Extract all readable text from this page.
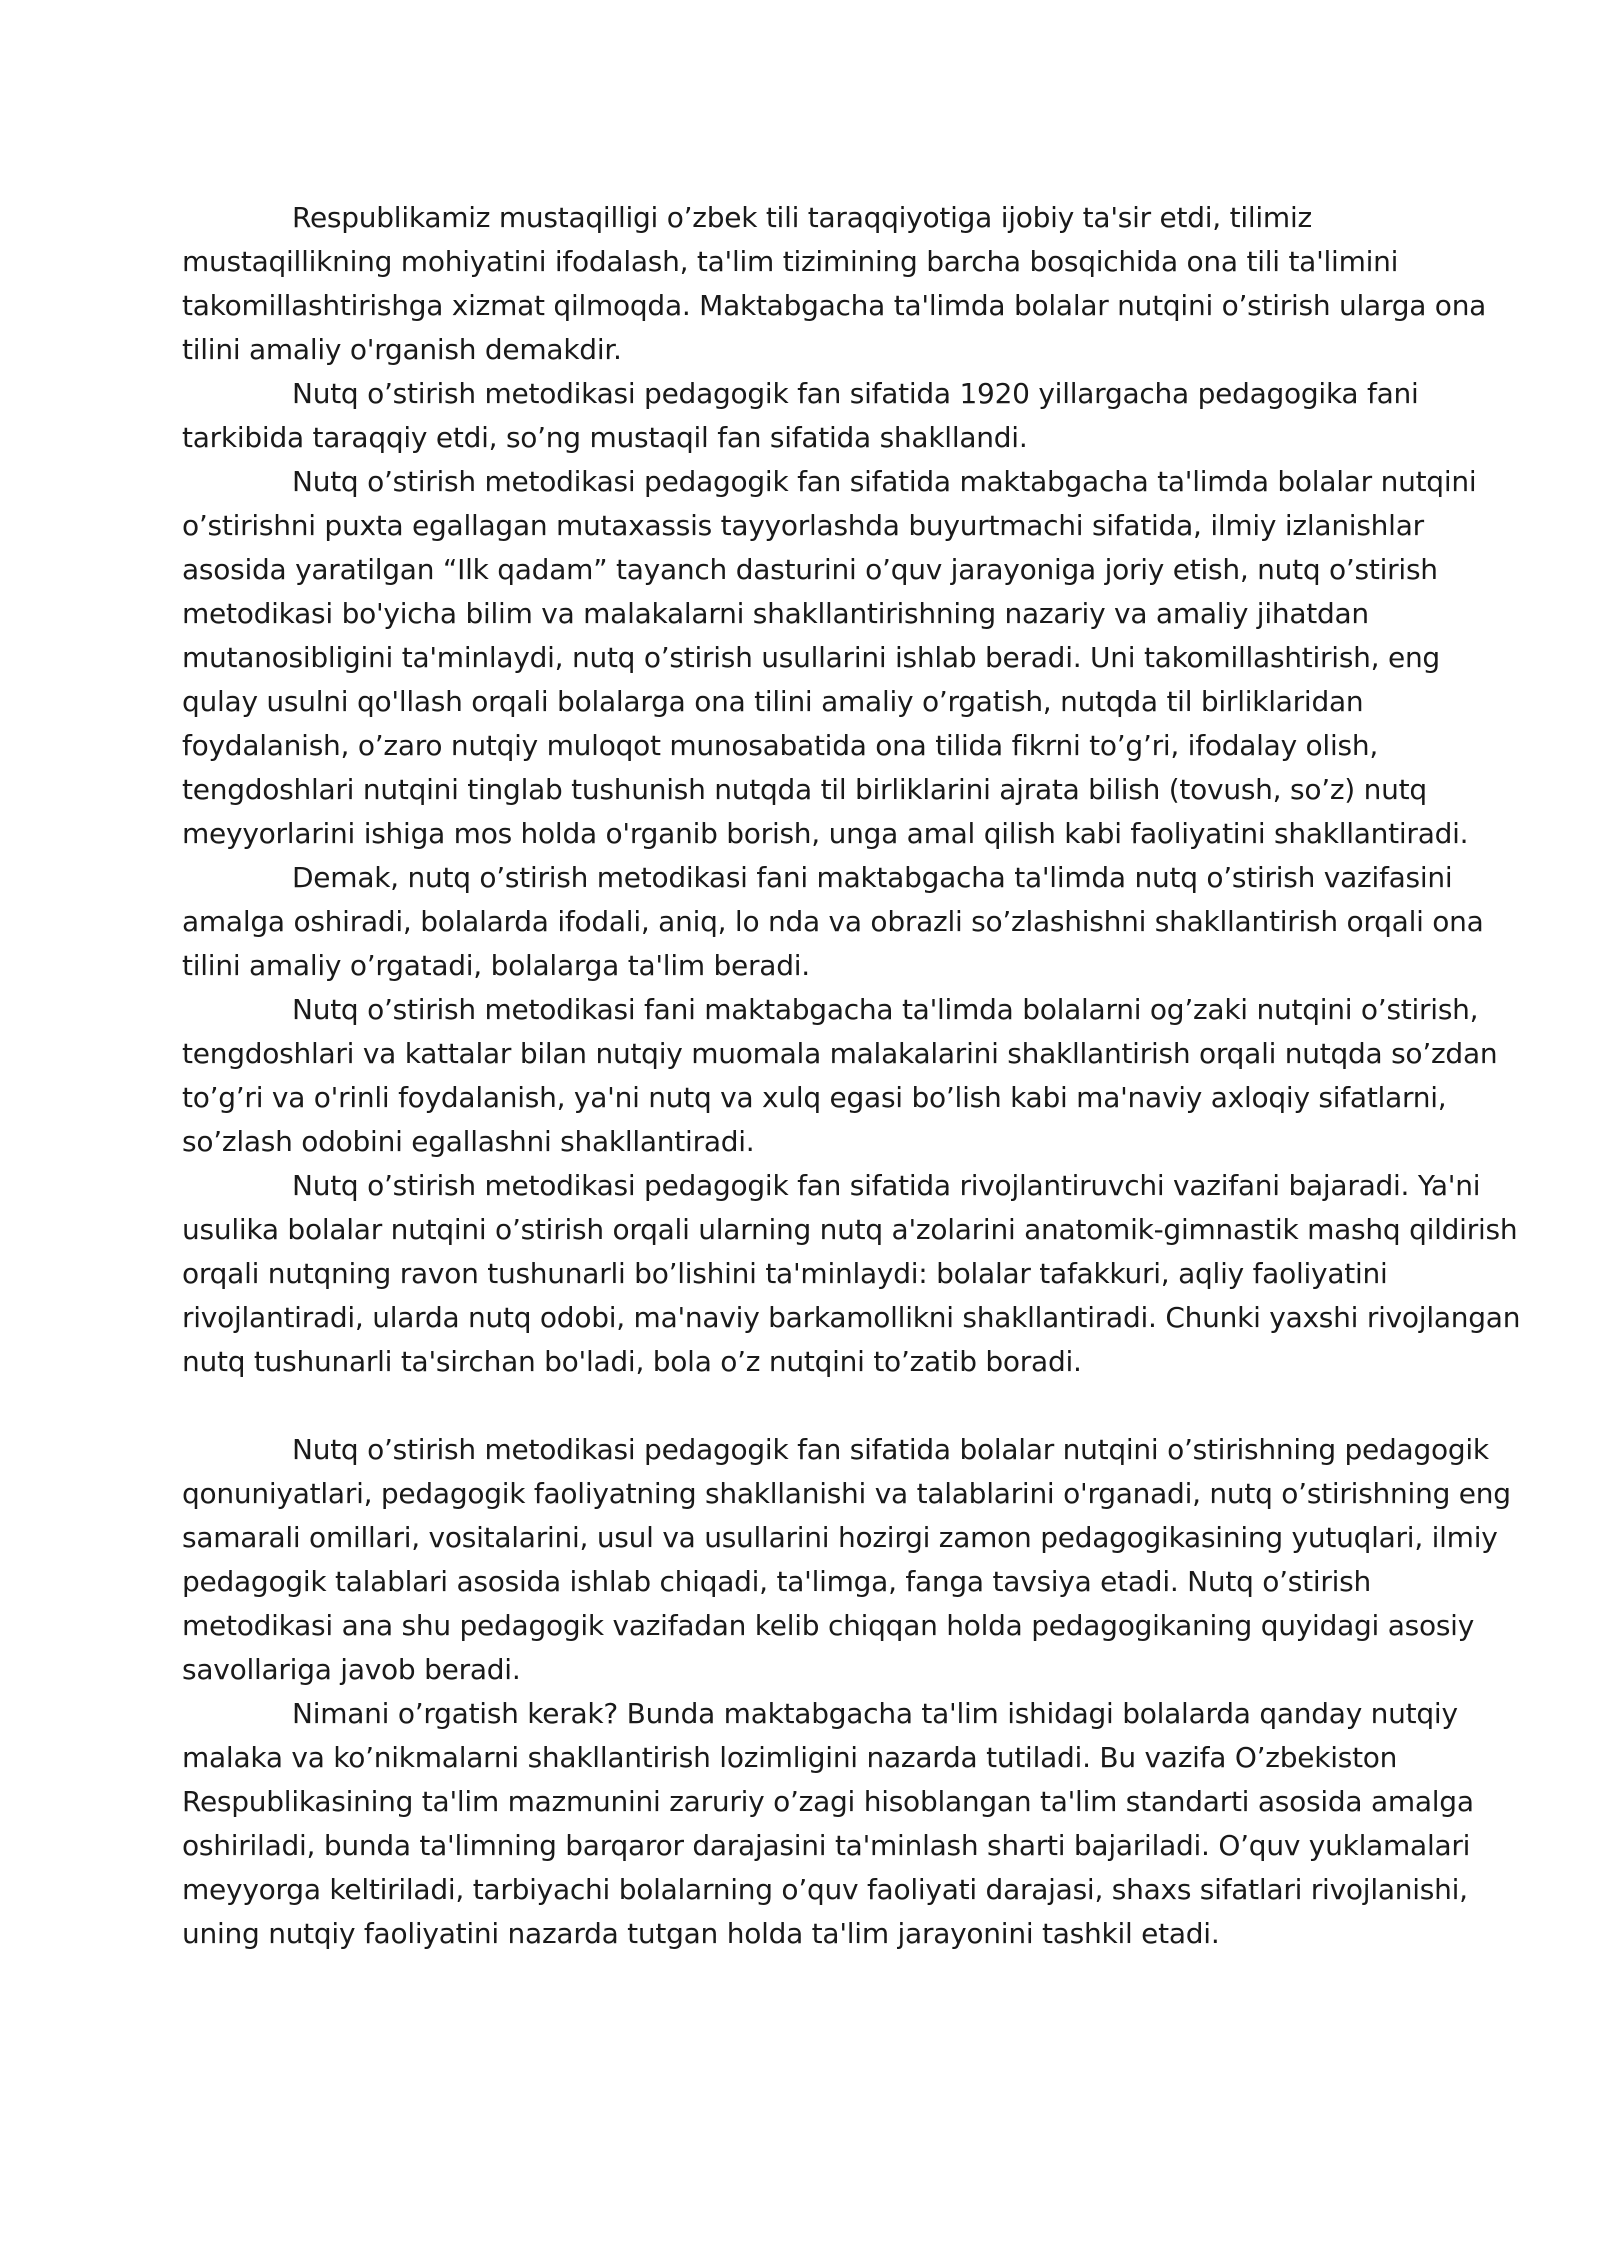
Respublikamiz mustaqilligi o’zbek tili taraqqiyotiga ijobiy ta'sir etdi, tilimiz mustaqillikning mohiyatini ifodalash, ta'lim tizimining barcha bosqichida ona tili ta'limini takomillashtirishga xizmat qilmoqda. Maktabgacha ta'limda bolalar nutqini o’stirish ularga ona tilini amaliy o'rganish demakdir.

Nutq o’stirish metodikasi pedagogik fan sifatida 1920 yillargacha pedagogika fani tarkibida taraqqiy etdi, so’ng mustaqil fan sifatida shakllandi.

Nutq o’stirish metodikasi pedagogik fan sifatida maktabgacha ta'limda bolalar nutqini o’stirishni puxta egallagan mutaxassis tayyorlashda buyurtmachi sifatida, ilmiy izlanishlar asosida yaratilgan “Ilk qadam” tayanch dasturini o’quv jarayoniga joriy etish, nutq o’stirish metodikasi bo'yicha bilim va malakalarni shakllantirishning nazariy va amaliy jihatdan mutanosibligini ta'minlaydi, nutq o’stirish usullarini ishlab beradi. Uni takomillashtirish, eng qulay usulni qo'llash orqali bolalarga ona tilini amaliy o’rgatish, nutqda til birliklaridan foydalanish, o’zaro nutqiy muloqot munosabatida ona tilida fikrni to’g’ri, ifodalay olish, tengdoshlari nutqini tinglab tushunish nutqda til birliklarini ajrata bilish (tovush, so’z) nutq meyyorlarini ishiga mos holda o'rganib borish, unga amal qilish kabi faoliyatini shakllantiradi.

Demak, nutq o’stirish metodikasi fani maktabgacha ta'limda nutq o’stirish vazifasini amalga oshiradi, bolalarda ifodali, aniq, lo nda va obrazli so’zlashishni shakllantirish orqali ona tilini amaliy o’rgatadi, bolalarga ta'lim beradi.

Nutq o’stirish metodikasi fani maktabgacha ta'limda bolalarni og’zaki nutqini o’stirish, tengdoshlari va kattalar bilan nutqiy muomala malakalarini shakllantirish orqali nutqda so’zdan to’g’ri va o'rinli foydalanish, ya'ni nutq va xulq egasi bo’lish kabi ma'naviy axloqiy sifatlarni, so’zlash odobini egallashni shakllantiradi.

Nutq o’stirish metodikasi pedagogik fan sifatida rivojlantiruvchi vazifani bajaradi. Ya'ni usulika bolalar nutqini o’stirish orqali ularning nutq a'zolarini anatomik-gimnastik mashq qildirish orqali nutqning ravon tushunarli bo’lishini ta'minlaydi: bolalar tafakkuri, aqliy faoliyatini rivojlantiradi, ularda nutq odobi, ma'naviy barkamollikni shakllantiradi. Chunki yaxshi rivojlangan nutq tushunarli ta'sirchan bo'ladi, bola o’z nutqini to’zatib boradi.

Nutq o’stirish metodikasi pedagogik fan sifatida bolalar nutqini o’stirishning pedagogik qonuniyatlari, pedagogik faoliyatning shakllanishi va talablarini o'rganadi, nutq o’stirishning eng samarali omillari, vositalarini, usul va usullarini hozirgi zamon pedagogikasining yutuqlari, ilmiy pedagogik talablari asosida ishlab chiqadi, ta'limga, fanga tavsiya etadi. Nutq o’stirish metodikasi ana shu pedagogik vazifadan kelib chiqqan holda pedagogikaning quyidagi asosiy savollariga javob beradi.

Nimani o’rgatish kerak? Bunda maktabgacha ta'lim ishidagi bolalarda qanday nutqiy malaka va ko’nikmalarni shakllantirish lozimligini nazarda tutiladi. Bu vazifa O’zbekiston Respublikasining ta'lim mazmunini zaruriy o’zagi hisoblangan ta'lim standarti asosida amalga oshiriladi, bunda ta'limning barqaror darajasini ta'minlash sharti bajariladi. O’quv yuklamalari meyyorga keltiriladi, tarbiyachi bolalarning o’quv faoliyati darajasi, shaxs sifatlari rivojlanishi, uning nutqiy faoliyatini nazarda tutgan holda ta'lim jarayonini tashkil etadi.
